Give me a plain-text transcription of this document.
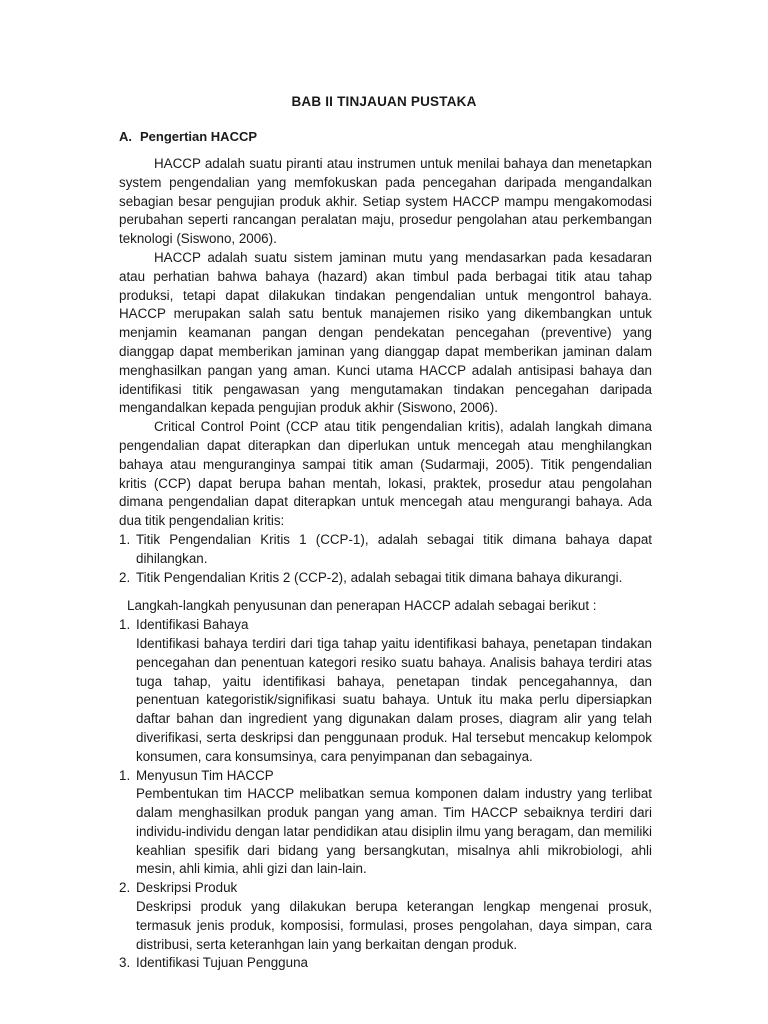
BAB II TINJAUAN PUSTAKA
A. Pengertian HACCP

HACCP adalah suatu piranti atau instrumen untuk menilai bahaya dan menetapkan system pengendalian yang memfokuskan pada pencegahan daripada mengandalkan sebagian besar pengujian produk akhir. Setiap system HACCP mampu mengakomodasi perubahan seperti rancangan peralatan maju, prosedur pengolahan atau perkembangan teknologi (Siswono, 2006).

HACCP adalah suatu sistem jaminan mutu yang mendasarkan pada kesadaran atau perhatian bahwa bahaya (hazard) akan timbul pada berbagai titik atau tahap produksi, tetapi dapat dilakukan tindakan pengendalian untuk mengontrol bahaya. HACCP merupakan salah satu bentuk manajemen risiko yang dikembangkan untuk menjamin keamanan pangan dengan pendekatan pencegahan (preventive) yang dianggap dapat memberikan jaminan yang dianggap dapat memberikan jaminan dalam menghasilkan pangan yang aman. Kunci utama HACCP adalah antisipasi bahaya dan identifikasi titik pengawasan yang mengutamakan tindakan pencegahan daripada mengandalkan kepada pengujian produk akhir (Siswono, 2006).

Critical Control Point (CCP atau titik pengendalian kritis), adalah langkah dimana pengendalian dapat diterapkan dan diperlukan untuk mencegah atau menghilangkan bahaya atau menguranginya sampai titik aman (Sudarmaji, 2005). Titik pengendalian kritis (CCP) dapat berupa bahan mentah, lokasi, praktek, prosedur atau pengolahan dimana pengendalian dapat diterapkan untuk mencegah atau mengurangi bahaya. Ada dua titik pengendalian kritis:

1. Titik Pengendalian Kritis 1 (CCP-1), adalah sebagai titik dimana bahaya dapat dihilangkan.
2. Titik Pengendalian Kritis 2 (CCP-2), adalah sebagai titik dimana bahaya dikurangi.

Langkah-langkah penyusunan dan penerapan HACCP adalah sebagai berikut :

1. Identifikasi Bahaya
Identifikasi bahaya terdiri dari tiga tahap yaitu identifikasi bahaya, penetapan tindakan pencegahan dan penentuan kategori resiko suatu bahaya. Analisis bahaya terdiri atas tuga tahap, yaitu identifikasi bahaya, penetapan tindak pencegahannya, dan penentuan kategoristik/signifikasi suatu bahaya. Untuk itu maka perlu dipersiapkan daftar bahan dan ingredient yang digunakan dalam proses, diagram alir yang telah diverifikasi, serta deskripsi dan penggunaan produk. Hal tersebut mencakup kelompok konsumen, cara konsumsinya, cara penyimpanan dan sebagainya.
1. Menyusun Tim HACCP
Pembentukan tim HACCP melibatkan semua komponen dalam industry yang terlibat dalam menghasilkan produk pangan yang aman. Tim HACCP sebaiknya terdiri dari individu-individu dengan latar pendidikan atau disiplin ilmu yang beragam, dan memiliki keahlian spesifik dari bidang yang bersangkutan, misalnya ahli mikrobiologi, ahli mesin, ahli kimia, ahli gizi dan lain-lain.
2. Deskripsi Produk
Deskripsi produk yang dilakukan berupa keterangan lengkap mengenai prosuk, termasuk jenis produk, komposisi, formulasi, proses pengolahan, daya simpan, cara distribusi, serta keteranhgan lain yang berkaitan dengan produk.
3. Identifikasi Tujuan Pengguna
